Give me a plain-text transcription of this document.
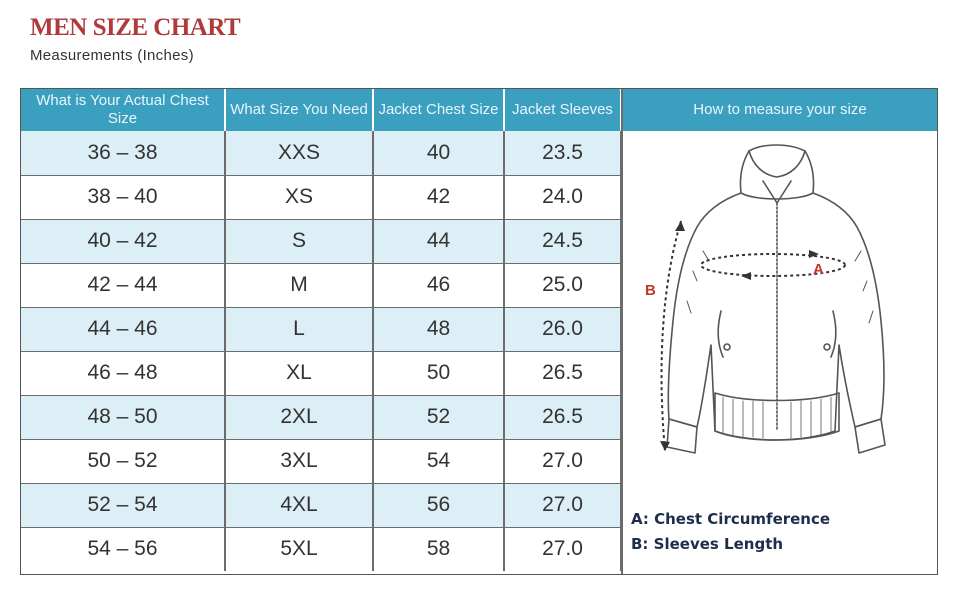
MEN SIZE CHART
Measurements (Inches)
What is Your Actual Chest Size	What Size You Need	Jacket Chest Size	Jacket Sleeves
36 – 38	XXS	40	23.5
38 – 40	XS	42	24.0
40 – 42	S	44	24.5
42 – 44	M	46	25.0
44 – 46	L	48	26.0
46 – 48	XL	50	26.5
48 – 50	2XL	52	26.5
50 – 52	3XL	54	27.0
52 – 54	4XL	56	27.0
54 – 56	5XL	58	27.0
How to measure your size
A
B
A: Chest Circumference
B: Sleeves Length
